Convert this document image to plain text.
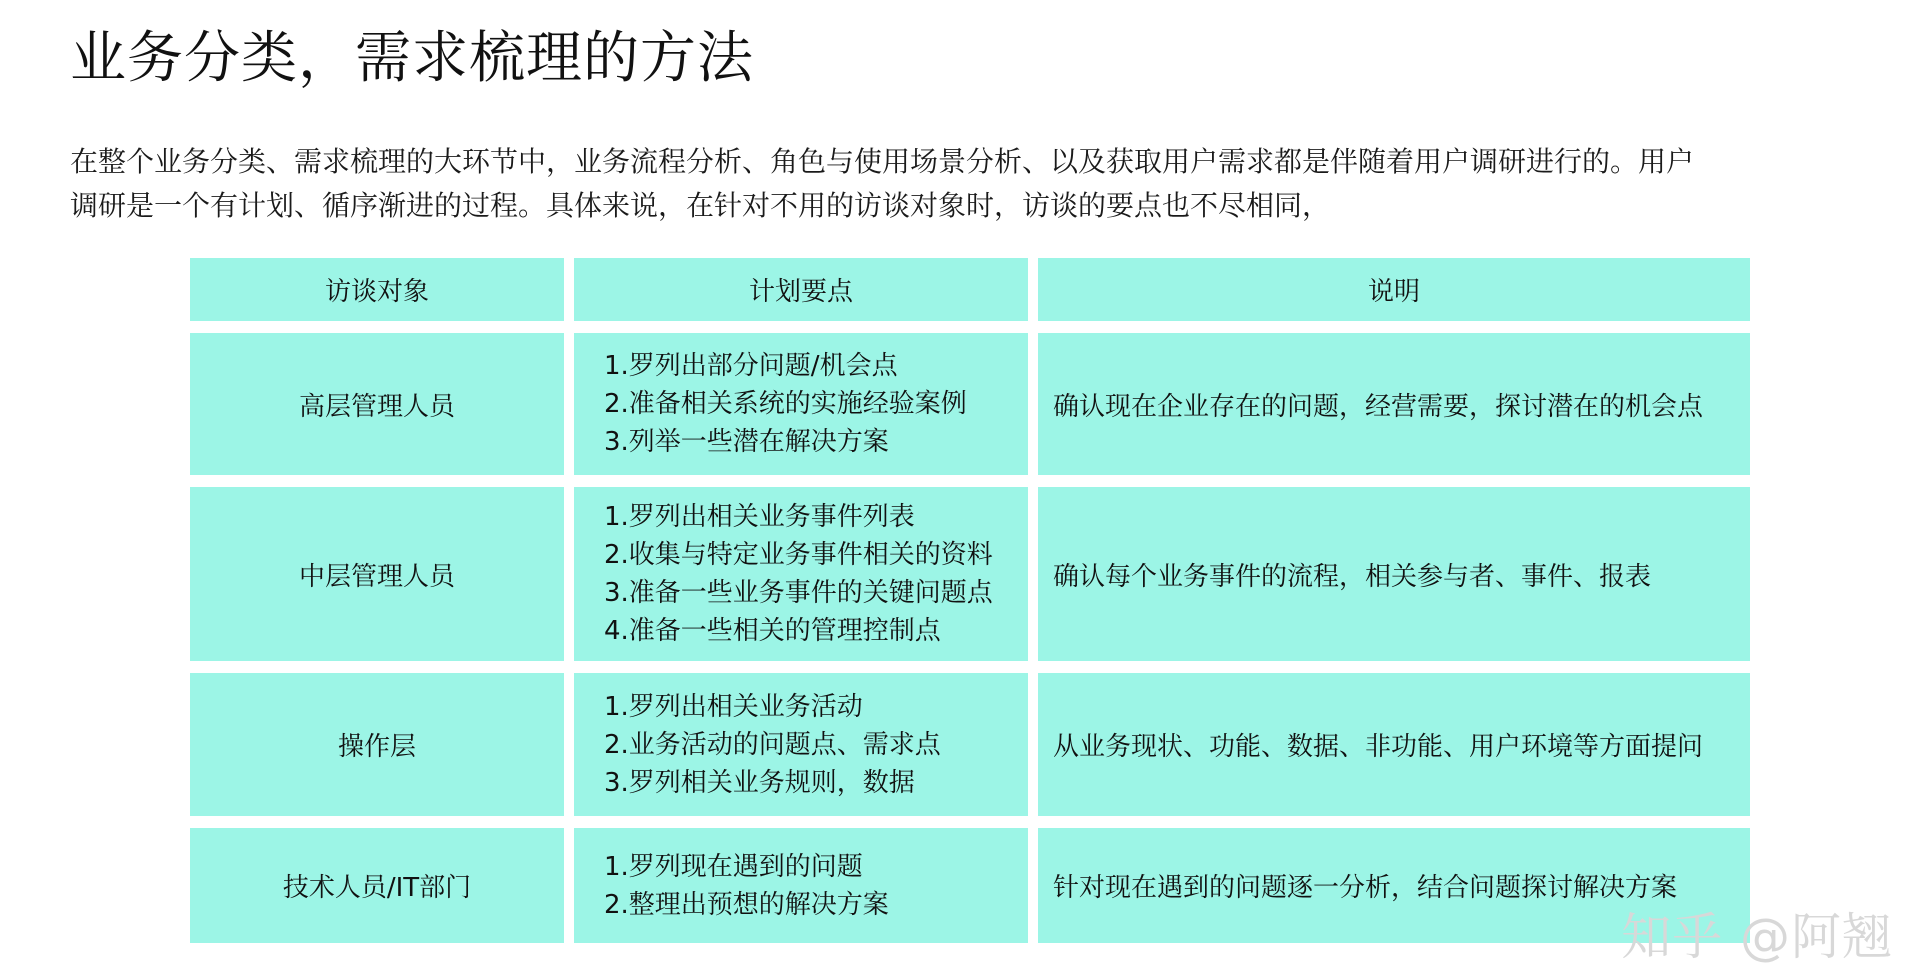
业务分类，需求梳理的方法

在整个业务分类、需求梳理的大环节中，业务流程分析、角色与使用场景分析、以及获取用户需求都是伴随着用户调研进行的。用户
调研是一个有计划、循序渐进的过程。具体来说，在针对不用的访谈对象时，访谈的要点也不尽相同，

访谈对象	计划要点	说明
高层管理人员
1.罗列出部分问题/机会点
2.准备相关系统的实施经验案例
3.列举一些潜在解决方案
确认现在企业存在的问题，经营需要，探讨潜在的机会点
中层管理人员
1.罗列出相关业务事件列表
2.收集与特定业务事件相关的资料
3.准备一些业务事件的关键问题点
4.准备一些相关的管理控制点
确认每个业务事件的流程，相关参与者、事件、报表
操作层
1.罗列出相关业务活动
2.业务活动的问题点、需求点
3.罗列相关业务规则，数据
从业务现状、功能、数据、非功能、用户环境等方面提问
技术人员/IT部门
1.罗列现在遇到的问题
2.整理出预想的解决方案
针对现在遇到的问题逐一分析，结合问题探讨解决方案
知乎 @阿翘
